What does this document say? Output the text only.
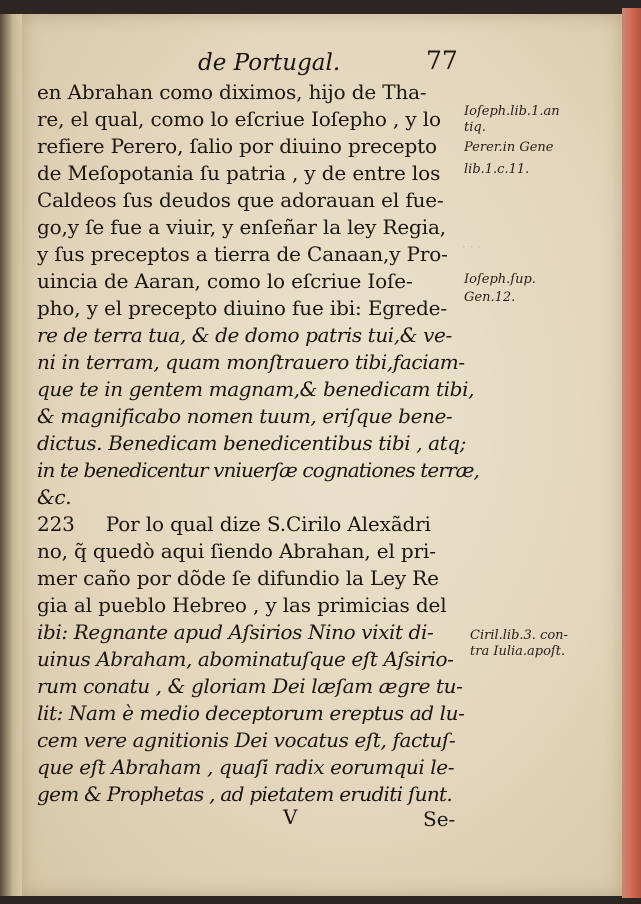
· · ·
de Portugal.	77
en Abrahan como diximos, hijo de Tha-
re, el qual, como lo eſcriue Ioſepho , y lo
refiere Perero, ſalio por diuino precepto
de Meſopotania ſu patria , y de entre los
Caldeos ſus deudos que adorauan el fue-
go,y ſe fue a viuir, y enſeñar la ley Regia,
y ſus preceptos a tierra de Canaan,y Pro-
uincia de Aaran, como lo eſcriue Ioſe-
pho, y el precepto diuino fue ibi: Egrede-
re de terra tua, & de domo patris tui,& ve-
ni in terram, quam monſtrauero tibi,faciam-
que te in gentem magnam,& benedicam tibi,
& magnificabo nomen tuum, eriſque bene-
dictus. Benedicam benedicentibus tibi , atq;
in te benedicentur vniuerſæ cognationes terræ,
&c.
223     Por lo qual dize S.Cirilo Alexãdri
no, q̃ quedò aqui ſiendo Abrahan, el pri-
mer caño por dõde ſe difundio la Ley Re
gia al pueblo Hebreo , y las primicias del
ibi: Regnante apud Aſsirios Nino vixit di-
uinus Abraham, abominatuſque eſt Aſsirio-
rum conatu , & gloriam Dei læſam ægre tu-
lit: Nam è medio deceptorum ereptus ad lu-
cem vere agnitionis Dei vocatus eſt, factuſ-
que eſt Abraham , quaſi radix eorumqui le-
gem & Prophetas , ad pietatem eruditi ſunt.
Ioſeph.lib.1.an
tiq.
Perer.in Gene
lib.1.c.11.
Ioſeph.ſup.
Gen.12.
Ciril.lib.3. con-
tra Iulia.apoſt.
V	Se-
